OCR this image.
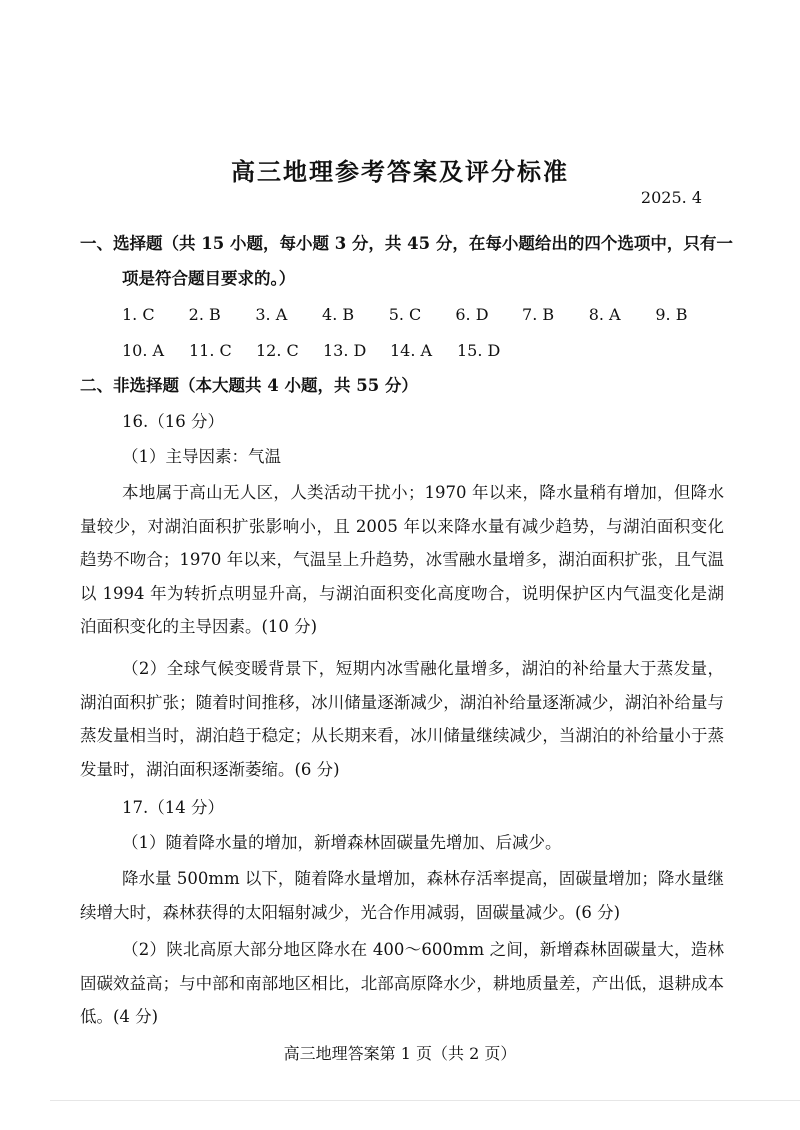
高三地理参考答案及评分标准
2025. 4
一、选择题（共 15 小题，每小题 3 分，共 45 分，在每小题给出的四个选项中，只有一
项是符合题目要求的。）
1. C	2. B	3. A	4. B	5. C	6. D	7. B	8. A	9. B
10. A	11. C	12. C	13. D	14. A	15. D
二、非选择题（本大题共 4 小题，共 55 分）
16.（16 分）
（1）主导因素：气温

本地属于高山无人区，人类活动干扰小；1970 年以来，降水量稍有增加，但降水量较少，对湖泊面积扩张影响小，且 2005 年以来降水量有减少趋势，与湖泊面积变化趋势不吻合；1970 年以来，气温呈上升趋势，冰雪融水量增多，湖泊面积扩张，且气温以 1994 年为转折点明显升高，与湖泊面积变化高度吻合，说明保护区内气温变化是湖泊面积变化的主导因素。(10 分)

（2）全球气候变暖背景下，短期内冰雪融化量增多，湖泊的补给量大于蒸发量，湖泊面积扩张；随着时间推移，冰川储量逐渐减少，湖泊补给量逐渐减少，湖泊补给量与蒸发量相当时，湖泊趋于稳定；从长期来看，冰川储量继续减少，当湖泊的补给量小于蒸发量时，湖泊面积逐渐萎缩。(6 分)

17.（14 分）
（1）随着降水量的增加，新增森林固碳量先增加、后减少。

降水量 500mm 以下，随着降水量增加，森林存活率提高，固碳量增加；降水量继续增大时，森林获得的太阳辐射减少，光合作用减弱，固碳量减少。(6 分)

（2）陕北高原大部分地区降水在 400～600mm 之间，新增森林固碳量大，造林固碳效益高；与中部和南部地区相比，北部高原降水少，耕地质量差，产出低，退耕成本低。(4 分)

高三地理答案第 1 页（共 2 页）
